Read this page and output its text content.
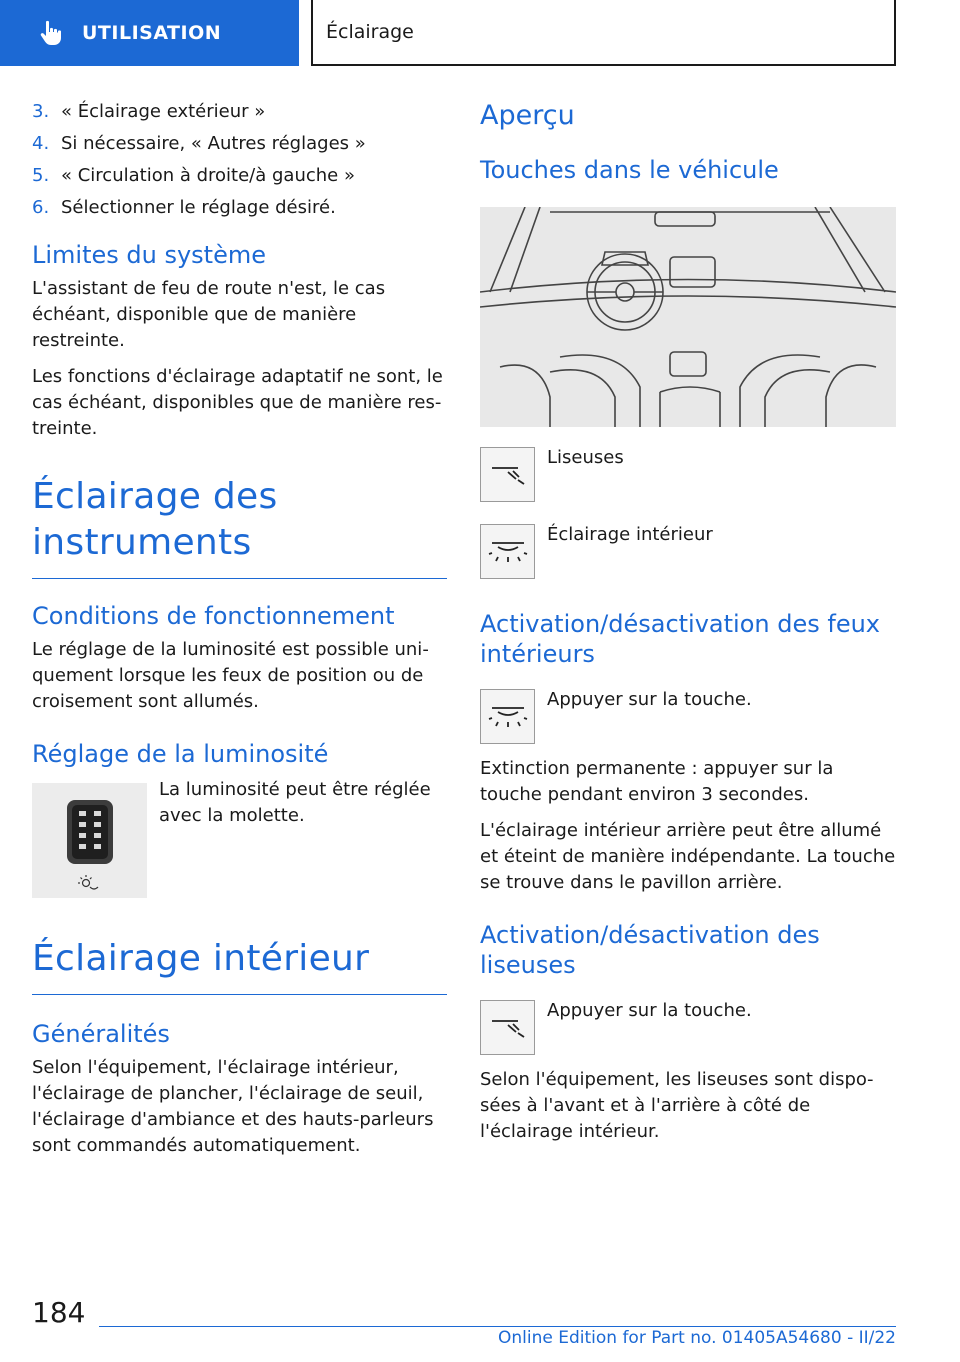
UTILISATION	Éclairage
3. « Éclairage extérieur »
4. Si nécessaire, « Autres réglages »
5. « Circulation à droite/à gauche »
6. Sélectionner le réglage désiré.
Limites du système

L'assistant de feu de route n'est, le cas échéant, disponible que de manière restreinte.

Les fonctions d'éclairage adaptatif ne sont, le cas échéant, disponibles que de manière restreinte.

Éclairage des instruments
Conditions de fonctionnement

Le réglage de la luminosité est possible uniquement lorsque les feux de position ou de croisement sont allumés.

Réglage de la luminosité

La luminosité peut être réglée avec la molette.

Éclairage intérieur
Généralités

Selon l'équipement, l'éclairage intérieur, l'éclairage de plancher, l'éclairage de seuil, l'éclairage d'ambiance et des hauts-parleurs sont commandés automatiquement.

Aperçu
Touches dans le véhicule
Liseuses
Éclairage intérieur
Activation/désactivation des feux intérieurs
Appuyer sur la touche.

Extinction permanente : appuyer sur la touche pendant environ 3 secondes.

L'éclairage intérieur arrière peut être allumé et éteint de manière indépendante. La touche se trouve dans le pavillon arrière.

Activation/désactivation des liseuses
Appuyer sur la touche.

Selon l'équipement, les liseuses sont disposées à l'avant et à l'arrière à côté de l'éclairage intérieur.

184
Online Edition for Part no. 01405A54680 - II/22
